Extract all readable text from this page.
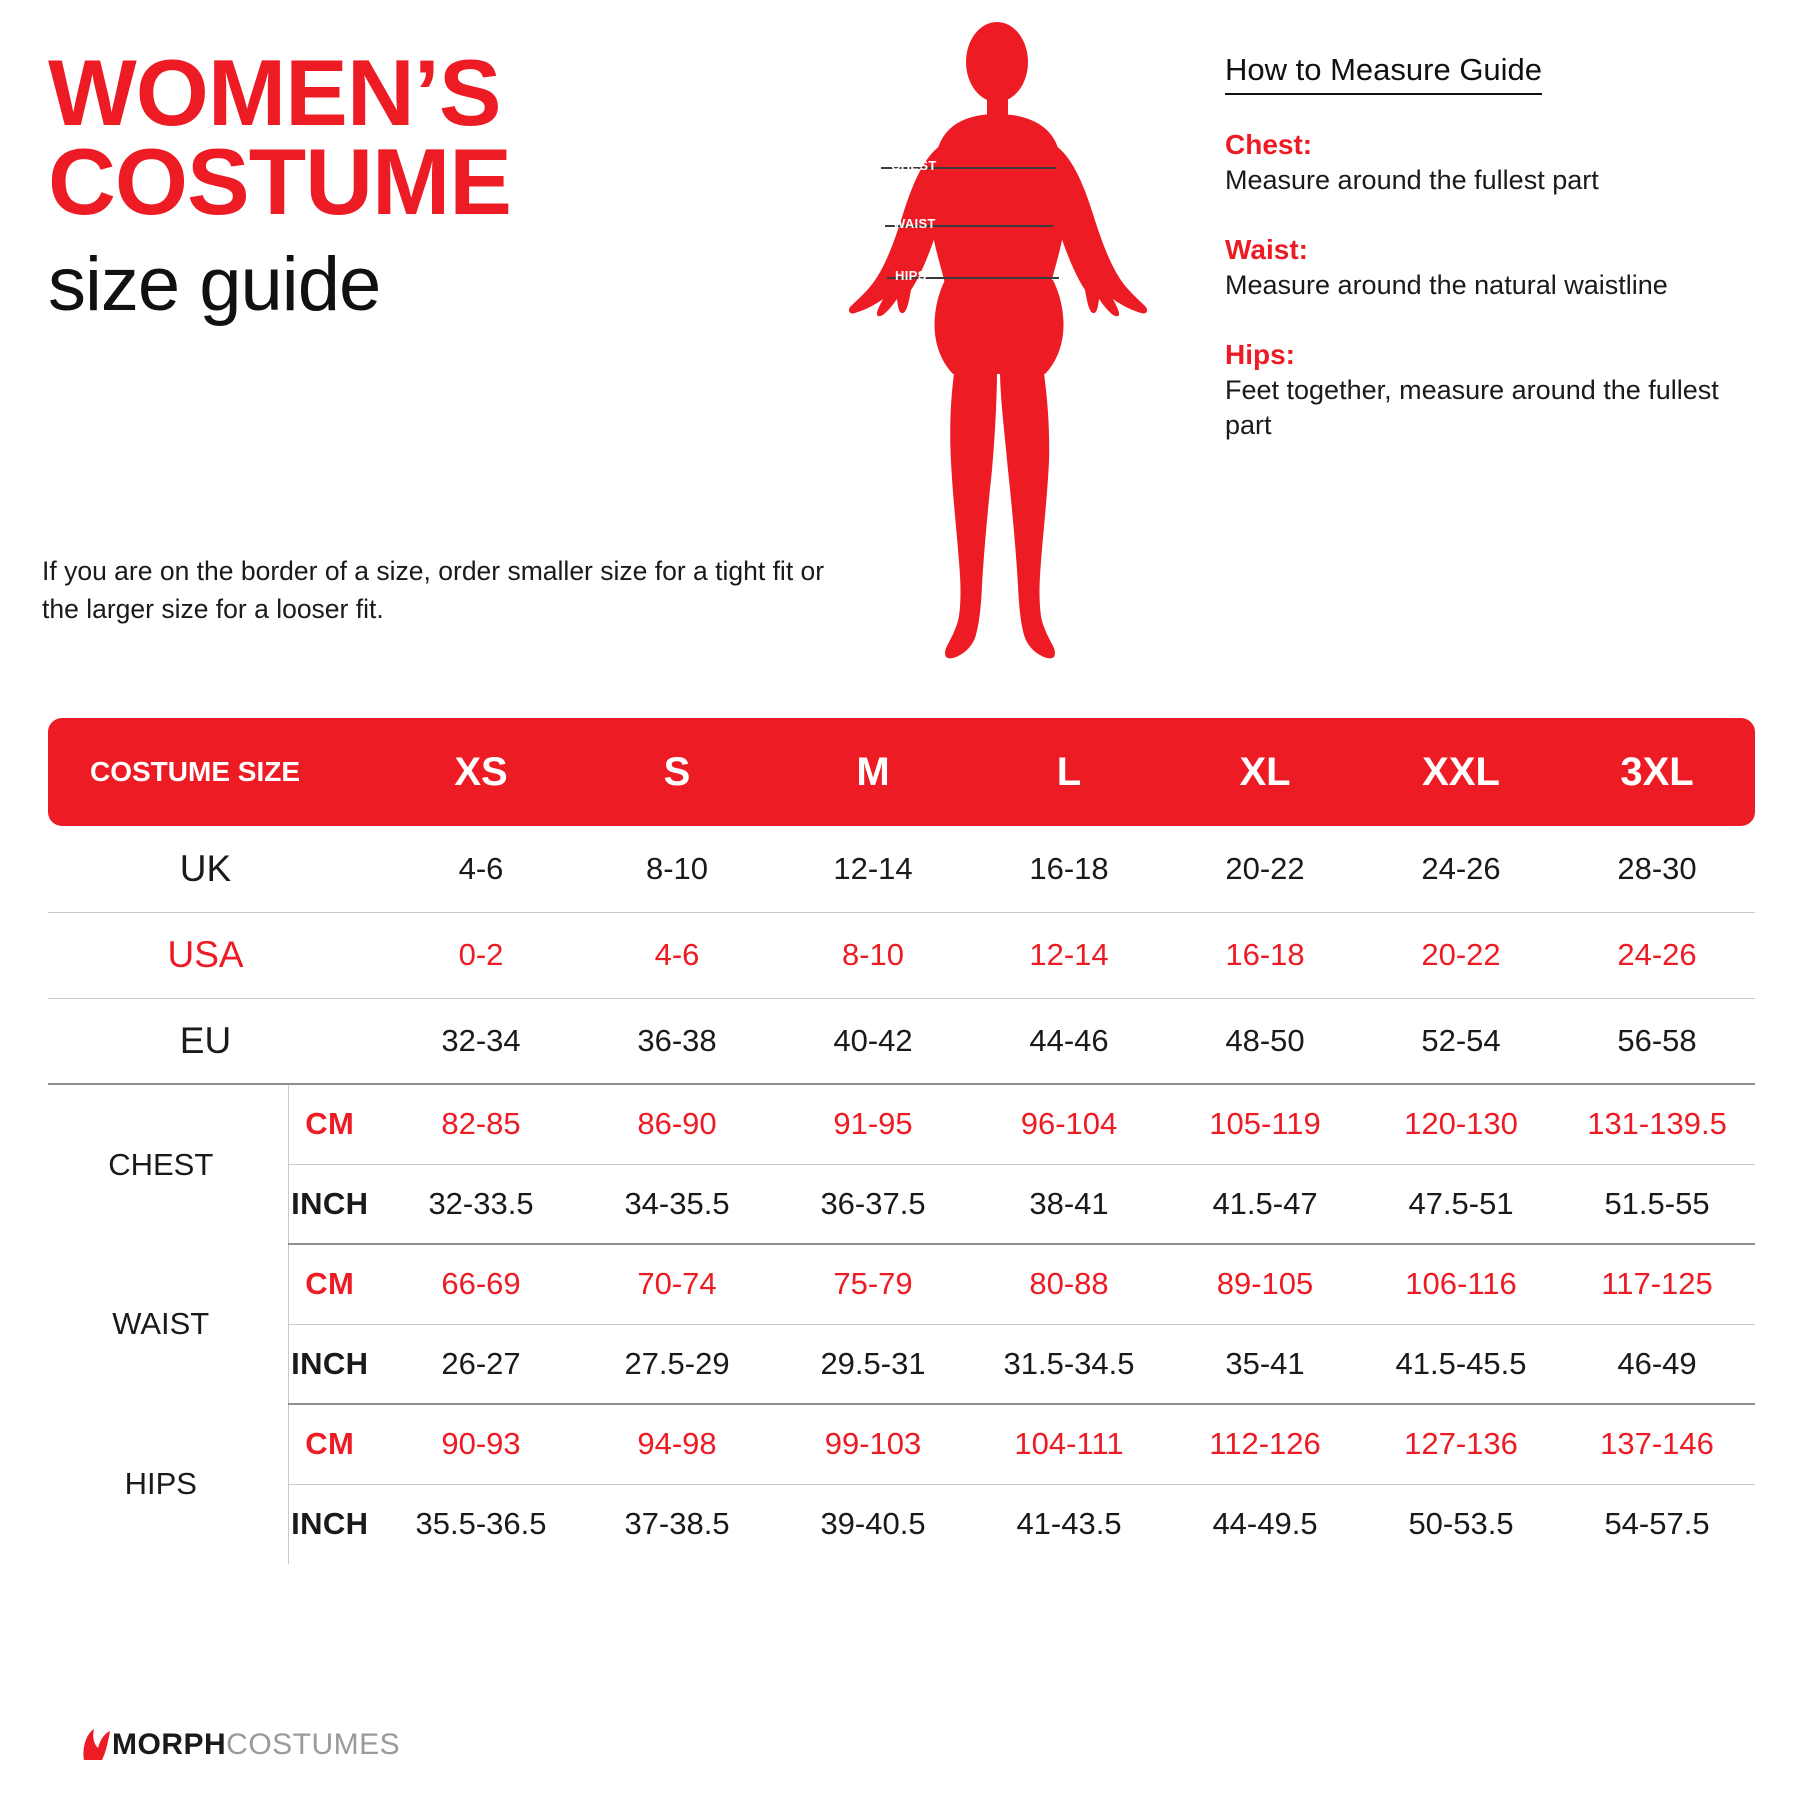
WOMEN’S
COSTUME
size guide
If you are on the border of a size, order smaller size for a tight fit or the larger size for a looser fit.
CHEST
WAIST
HIPS
How to Measure Guide
Chest:
Measure around the fullest part
Waist:
Measure around the natural waistline
Hips:
Feet together, measure around the fullest part
COSTUME SIZE		XS	S	M	L	XL	XXL	3XL
UK		4-6	8-10	12-14	16-18	20-22	24-26	28-30
USA		0-2	4-6	8-10	12-14	16-18	20-22	24-26
EU		32-34	36-38	40-42	44-46	48-50	52-54	56-58
CHEST	CM	82-85	86-90	91-95	96-104	105-119	120-130	131-139.5
	INCH	32-33.5	34-35.5	36-37.5	38-41	41.5-47	47.5-51	51.5-55
WAIST	CM	66-69	70-74	75-79	80-88	89-105	106-116	117-125
	INCH	26-27	27.5-29	29.5-31	31.5-34.5	35-41	41.5-45.5	46-49
HIPS	CM	90-93	94-98	99-103	104-111	112-126	127-136	137-146
	INCH	35.5-36.5	37-38.5	39-40.5	41-43.5	44-49.5	50-53.5	54-57.5
MORPHCOSTUMES
